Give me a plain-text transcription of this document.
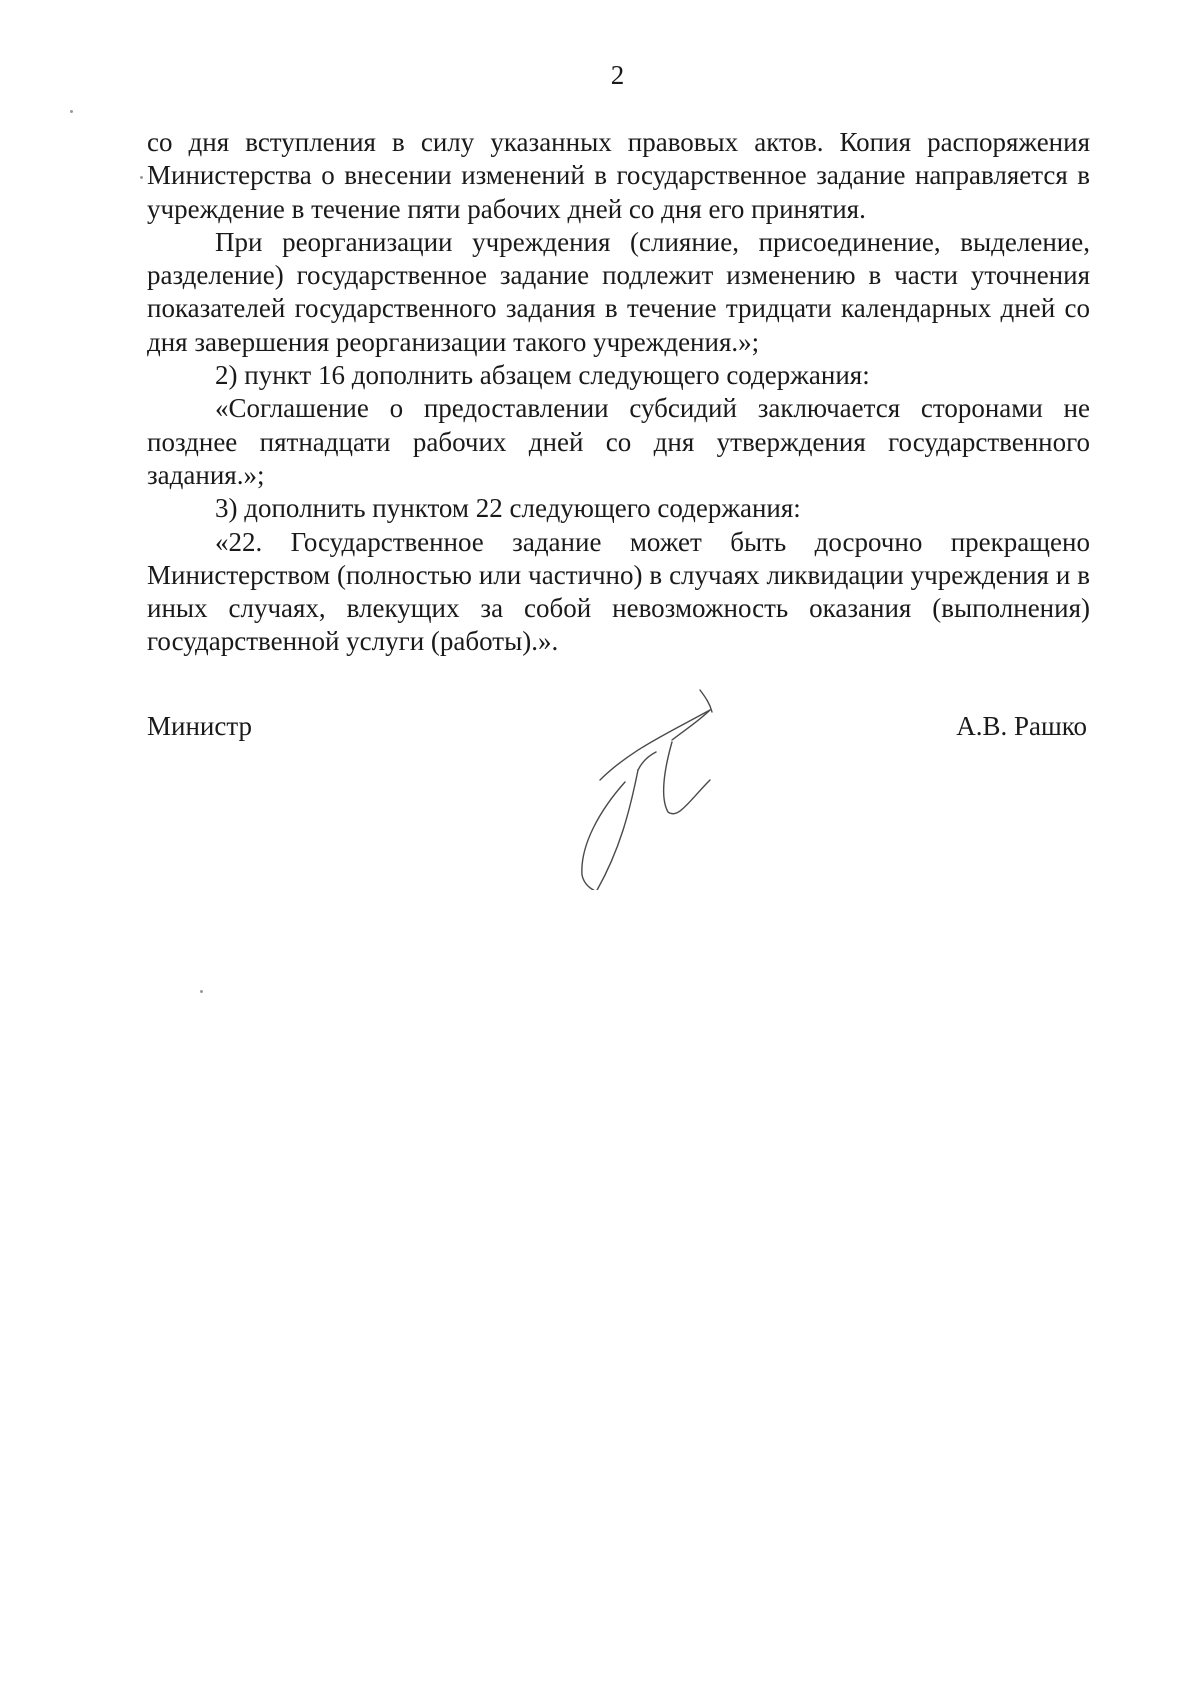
2

со дня вступления в силу указанных правовых актов. Копия распоряжения Министерства о внесении изменений в государственное задание направляется в учреждение в течение пяти рабочих дней со дня его принятия.

При реорганизации учреждения (слияние, присоединение, выделение, разделение) государственное задание подлежит изменению в части уточнения показателей государственного задания в течение тридцати календарных дней со дня завершения реорганизации такого учреждения.»;

2) пункт 16 дополнить абзацем следующего содержания:

«Соглашение о предоставлении субсидий заключается сторонами не позднее пятнадцати рабочих дней со дня утверждения государственного задания.»;

3) дополнить пунктом 22 следующего содержания:

«22. Государственное задание может быть досрочно прекращено Министерством (полностью или частично) в случаях ликвидации учреждения и в иных случаях, влекущих за собой невозможность оказания (выполнения) государственной услуги (работы).».

Министр	А.В. Рашко
